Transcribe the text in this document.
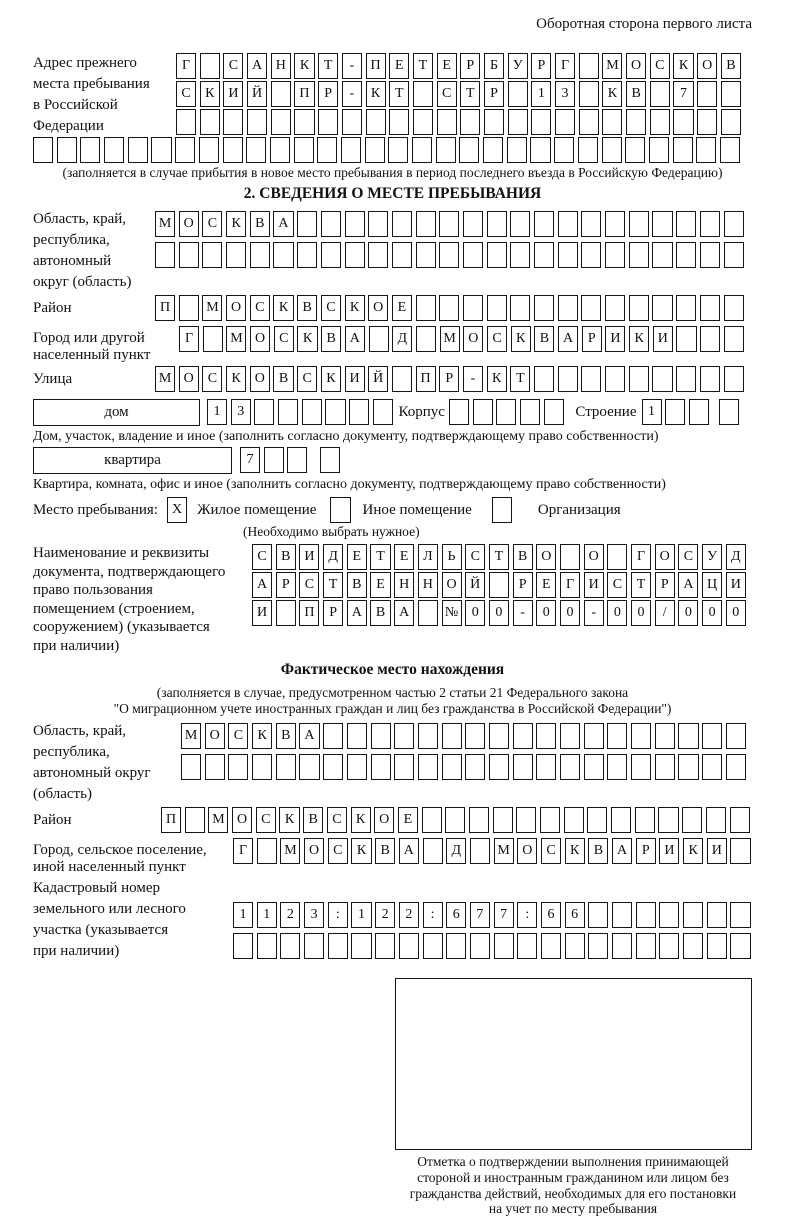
Оборотная сторона первого листа
Адрес прежнего
места пребывания
в Российской
Федерации
Г	С А Н К	Т	-	П	Е	Т	Е	Р	Б	У	Р	Г	М О С	К О В
С	К И Й	П	Р	-	К	Т	С	Т	Р	1	3	К	В	7
(заполняется в случае прибытия в новое место пребывания в период последнего въезда в Российскую Федерацию)
2. СВЕДЕНИЯ О МЕСТЕ ПРЕБЫВАНИЯ
Область, край,
республика,
автономный
округ (область)
М О С	К	В А
Район	П	М О С	К	В	С	К О	Е
Город или другой
населенный пункт
Г	М О С	К	В А	Д	М О С	К	В А	Р	И К И
Улица	М О С	К О В	С	К И Й	П	Р	-	К	Т
дом	1	3	Корпус	Строение 1
Дом, участок, владение и иное (заполнить согласно документу, подтверждающему право собственности)
квартира	7
Квартира, комната, офис и иное (заполнить согласно документу, подтверждающему право собственности)
Место пребывания: X Жилое помещение	Иное помещение	Организация
(Необходимо выбрать нужное)
Наименование и реквизиты
документа, подтверждающего
право пользования
помещением (строением,
сооружением) (указывается
при наличии)
С	В И Д	Е	Т	Е	Л	Ь	С	Т	В О	О	Г	О С	У Д
А	Р	С	Т	В	Е	Н Н О Й	Р	Е	Г	И С	Т	Р	А Ц И
И	П	Р	А В А	№ 0	0	-	0	0	-	0	0	/	0	0	0
Фактическое место нахождения
(заполняется в случае, предусмотренном частью 2 статьи 21 Федерального закона
"О миграционном учете иностранных граждан и лиц без гражданства в Российской Федерации")
Область, край,
республика,
автономный округ
(область)
М О С	К	В А
Район	П	М О С	К	В	С	К О	Е
Город, сельское поселение,
иной населенный пункт
Г	М О С	К	В А	Д	М О С	К	В А	Р	И К И
Кадастровый номер
земельного или лесного
участка (указывается
при наличии)
1	1	2	3	:	1	2	2	:	6	7	7	:	6	6
Отметка о подтверждении выполнения принимающей
стороной и иностранным гражданином или лицом без
гражданства действий, необходимых для его постановки
на учет по месту пребывания
